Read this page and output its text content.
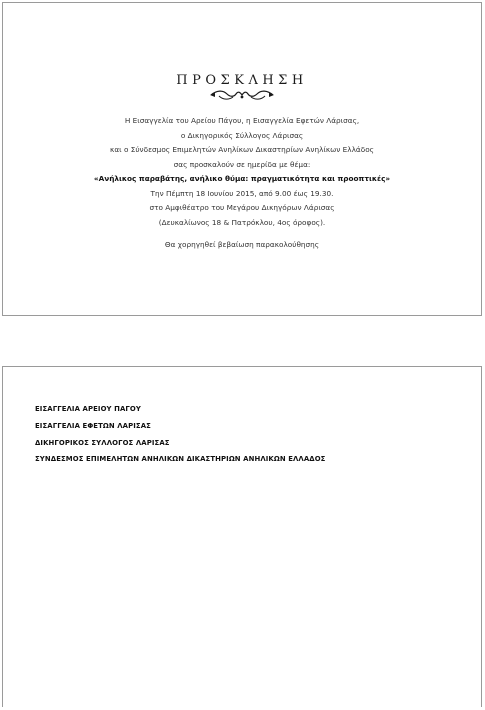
ΠΡΟΣΚΛΗΣΗ
Η Εισαγγελία του Αρείου Πάγου, η Εισαγγελία Εφετών Λάρισας,
ο Δικηγορικός Σύλλογος Λάρισας
και ο Σύνδεσμος Επιμελητών Ανηλίκων Δικαστηρίων Ανηλίκων Ελλάδος
σας προσκαλούν σε ημερίδα με θέμα:
«Ανήλικος παραβάτης, ανήλικο θύμα: πραγματικότητα και προοπτικές»
Την Πέμπτη 18 Ιουνίου 2015, από 9.00 έως 19.30.
στο Αμφιθέατρο του Μεγάρου Δικηγόρων Λάρισας
(Δευκαλίωνος 18 & Πατρόκλου, 4ος όροφος).
Θα χορηγηθεί βεβαίωση παρακολούθησης
ΕΙΣΑΓΓΕΛΙΑ ΑΡΕΙΟΥ ΠΑΓΟΥ
ΕΙΣΑΓΓΕΛΙΑ ΕΦΕΤΩΝ ΛΑΡΙΣΑΣ
ΔΙΚΗΓΟΡΙΚΟΣ ΣΥΛΛΟΓΟΣ ΛΑΡΙΣΑΣ
ΣΥΝΔΕΣΜΟΣ ΕΠΙΜΕΛΗΤΩΝ ΑΝΗΛΙΚΩΝ ΔΙΚΑΣΤΗΡΙΩΝ ΑΝΗΛΙΚΩΝ ΕΛΛΑΔΟΣ
